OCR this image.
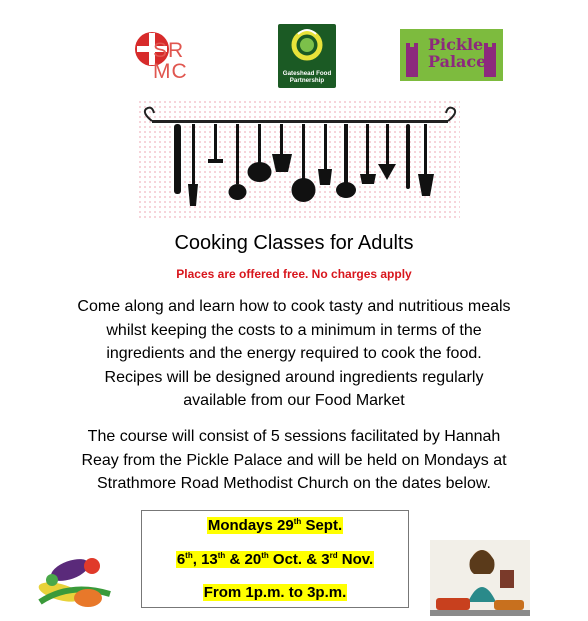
SR
MC	Gateshead Food
Partnership
Pickle
Palace
Cooking Classes for Adults
Places are offered free. No charges apply
Come along and learn how to cook tasty and nutritious meals
whilst keeping the costs to a minimum in terms of the
ingredients and the energy required to cook the food.
Recipes will be designed around ingredients regularly
available from our Food Market
The course will consist of 5 sessions facilitated by Hannah
Reay from the Pickle Palace and will be held on Mondays at
Strathmore Road Methodist Church on the dates below.
Mondays 29th Sept.
6th, 13th & 20th Oct. & 3rd Nov.
From 1p.m. to 3p.m.
